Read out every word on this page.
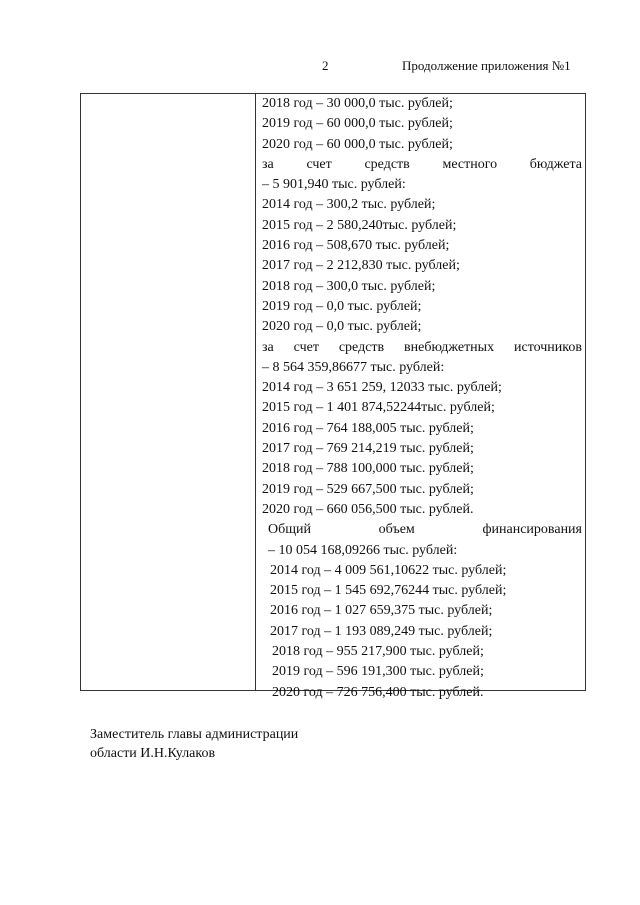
2	Продолжение приложения №1
2018 год – 30 000,0 тыс. рублей;
2019 год – 60 000,0 тыс. рублей;
2020 год – 60 000,0 тыс. рублей;
за счет средств местного бюджета
– 5 901,940 тыс. рублей:
2014 год – 300,2 тыс. рублей;
2015 год – 2 580,240тыс. рублей;
2016 год – 508,670 тыс. рублей;
2017 год – 2 212,830 тыс. рублей;
2018 год – 300,0 тыс. рублей;
2019 год – 0,0 тыс. рублей;
2020 год – 0,0 тыс. рублей;
за счет средств внебюджетных источников
– 8 564 359,86677 тыс. рублей:
2014 год – 3 651 259, 12033 тыс. рублей;
2015 год – 1 401 874,52244тыс. рублей;
2016 год – 764 188,005 тыс. рублей;
2017 год – 769 214,219 тыс. рублей;
2018 год – 788 100,000 тыс. рублей;
2019 год – 529 667,500 тыс. рублей;
2020 год – 660 056,500 тыс. рублей.
Общий объем финансирования
– 10 054 168,09266 тыс. рублей:
2014 год – 4 009 561,10622 тыс. рублей;
2015 год – 1 545 692,76244 тыс. рублей;
2016 год – 1 027 659,375 тыс. рублей;
2017 год – 1 193 089,249 тыс. рублей;
2018 год – 955 217,900 тыс. рублей;
2019 год – 596 191,300 тыс. рублей;
2020 год – 726 756,400 тыс. рублей.
Заместитель главы администрации
области И.Н.Кулаков
